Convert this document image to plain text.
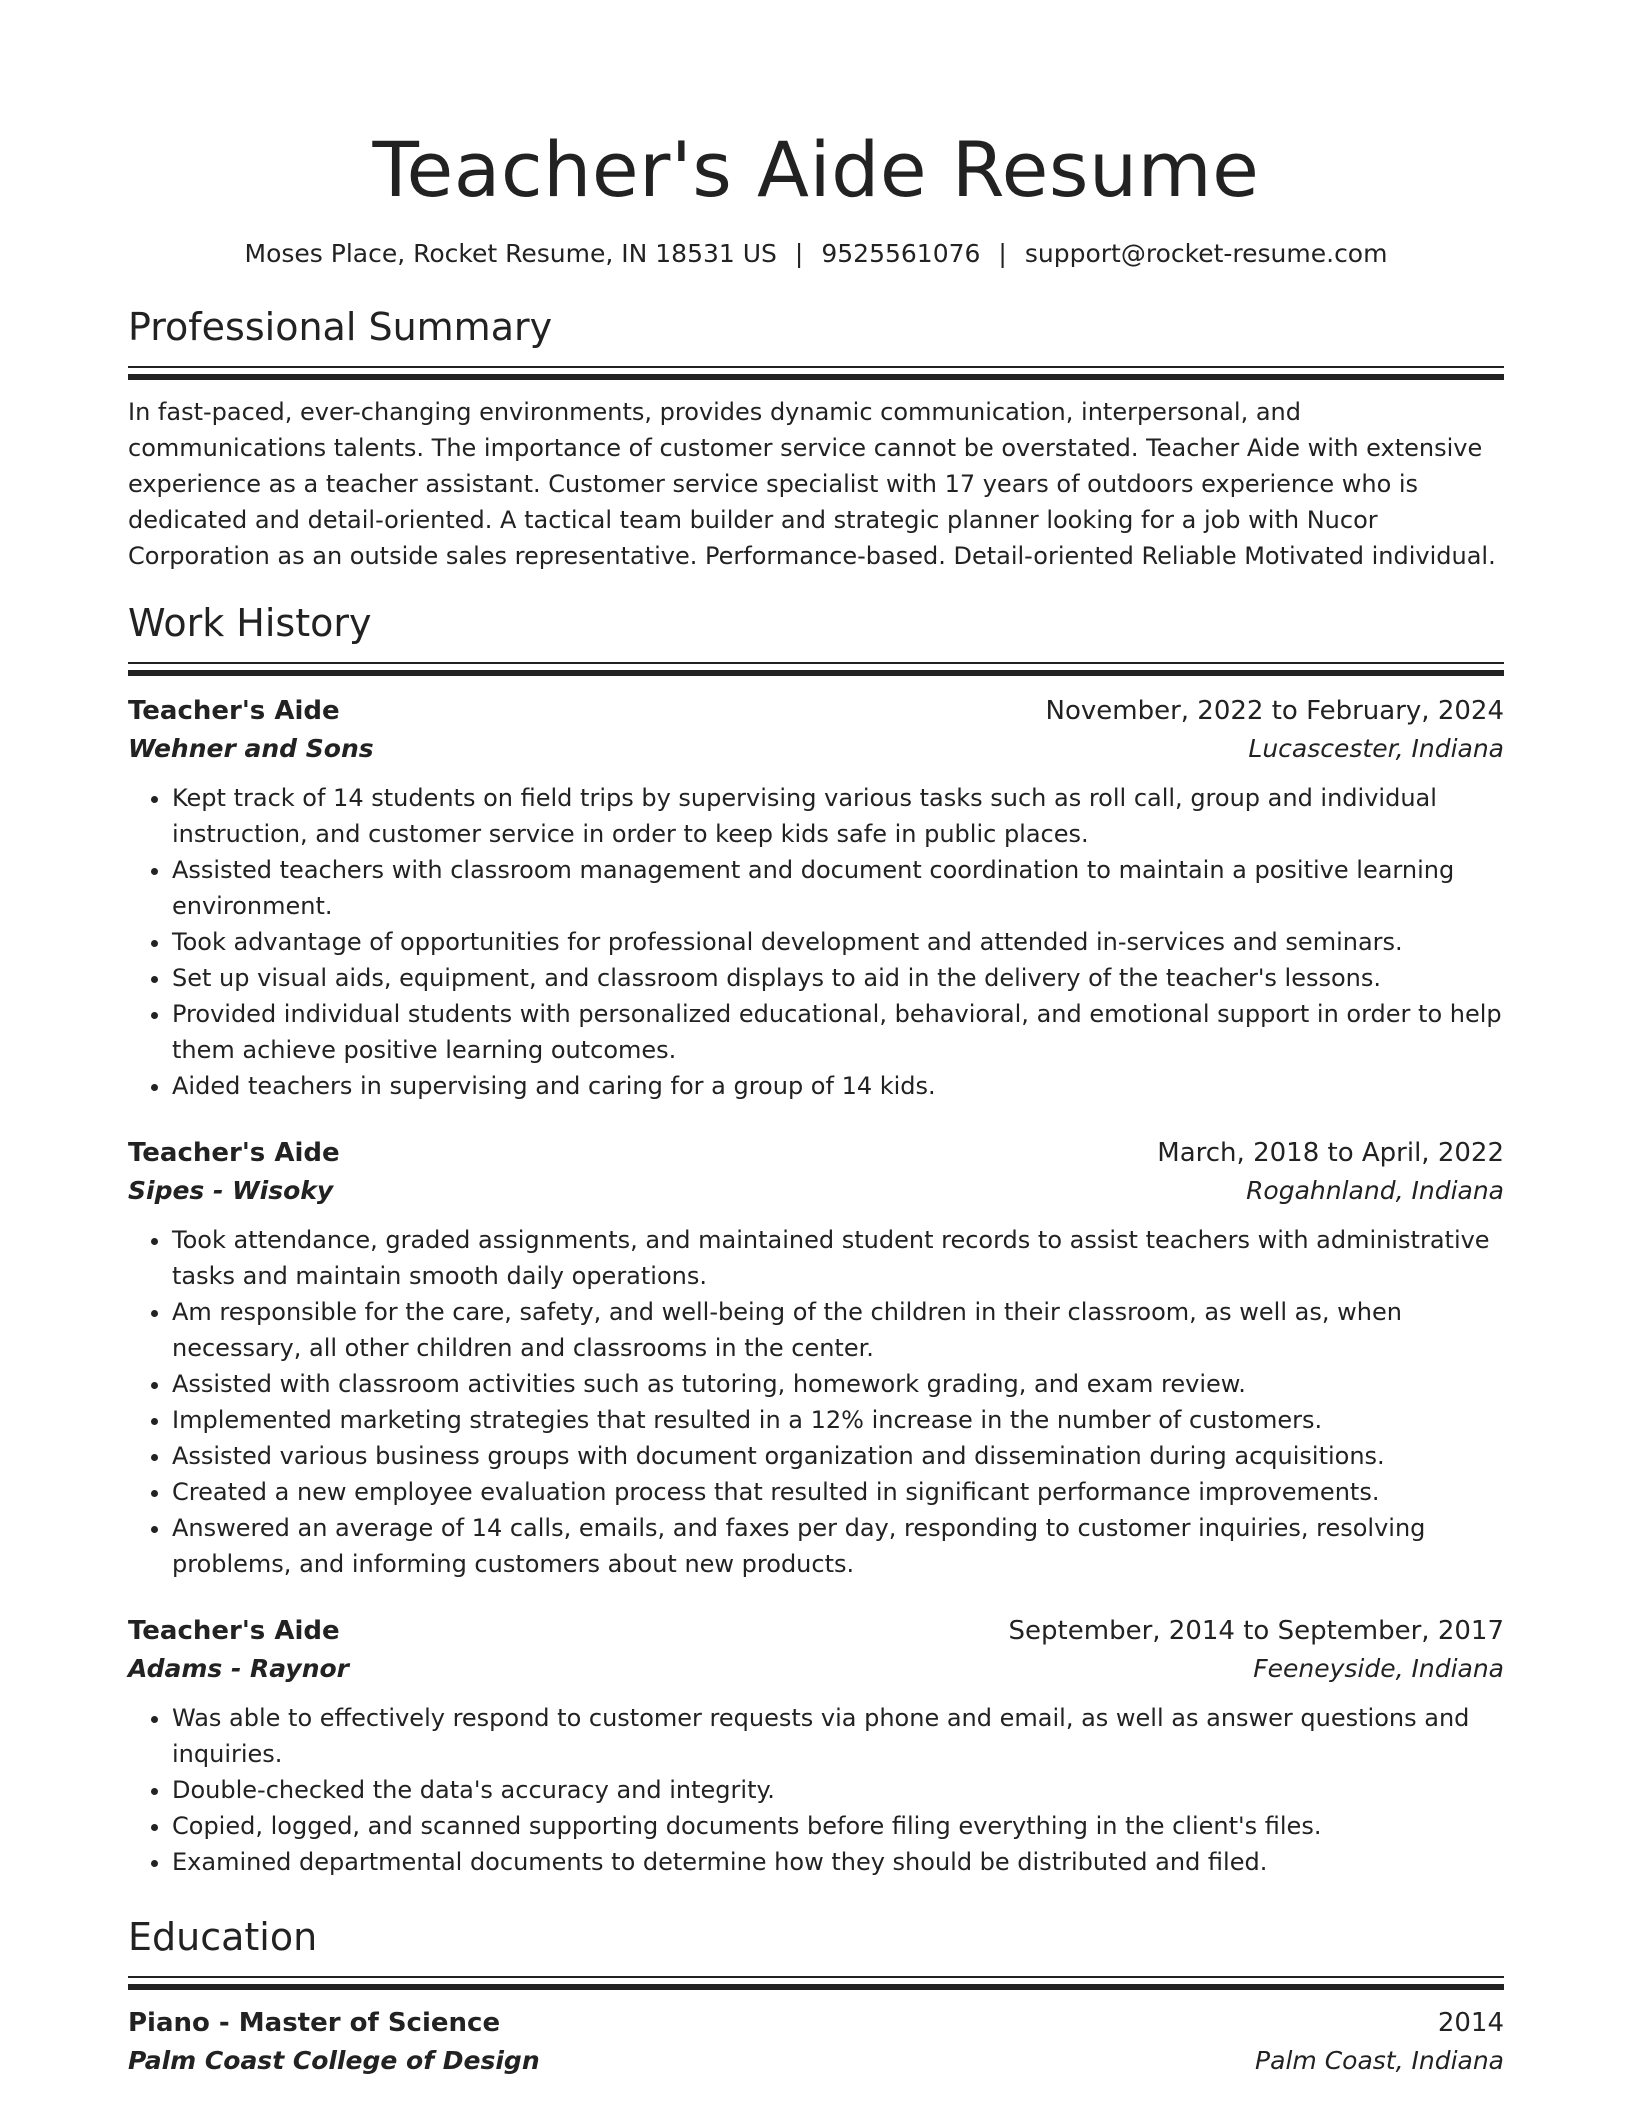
Teacher's Aide Resume
Moses Place, Rocket Resume, IN 18531 US | 9525561076 | support@rocket-resume.com
Professional Summary
In fast-paced, ever-changing environments, provides dynamic communication, interpersonal, and communications talents. The importance of customer service cannot be overstated. Teacher Aide with extensive experience as a teacher assistant. Customer service specialist with 17 years of outdoors experience who is dedicated and detail-oriented. A tactical team builder and strategic planner looking for a job with Nucor Corporation as an outside sales representative. Performance-based. Detail-oriented Reliable Motivated individual.
Work History
Teacher's Aide	November, 2022 to February, 2024
Wehner and Sons	Lucascester, Indiana
• Kept track of 14 students on field trips by supervising various tasks such as roll call, group and individual instruction, and customer service in order to keep kids safe in public places.
• Assisted teachers with classroom management and document coordination to maintain a positive learning environment.
• Took advantage of opportunities for professional development and attended in-services and seminars.
• Set up visual aids, equipment, and classroom displays to aid in the delivery of the teacher's lessons.
• Provided individual students with personalized educational, behavioral, and emotional support in order to help them achieve positive learning outcomes.
• Aided teachers in supervising and caring for a group of 14 kids.
Teacher's Aide	March, 2018 to April, 2022
Sipes - Wisoky	Rogahnland, Indiana
• Took attendance, graded assignments, and maintained student records to assist teachers with administrative tasks and maintain smooth daily operations.
• Am responsible for the care, safety, and well-being of the children in their classroom, as well as, when necessary, all other children and classrooms in the center.
• Assisted with classroom activities such as tutoring, homework grading, and exam review.
• Implemented marketing strategies that resulted in a 12% increase in the number of customers.
• Assisted various business groups with document organization and dissemination during acquisitions.
• Created a new employee evaluation process that resulted in significant performance improvements.
• Answered an average of 14 calls, emails, and faxes per day, responding to customer inquiries, resolving problems, and informing customers about new products.
Teacher's Aide	September, 2014 to September, 2017
Adams - Raynor	Feeneyside, Indiana
• Was able to effectively respond to customer requests via phone and email, as well as answer questions and inquiries.
• Double-checked the data's accuracy and integrity.
• Copied, logged, and scanned supporting documents before filing everything in the client's files.
• Examined departmental documents to determine how they should be distributed and filed.
Education
Piano - Master of Science	2014
Palm Coast College of Design	Palm Coast, Indiana
